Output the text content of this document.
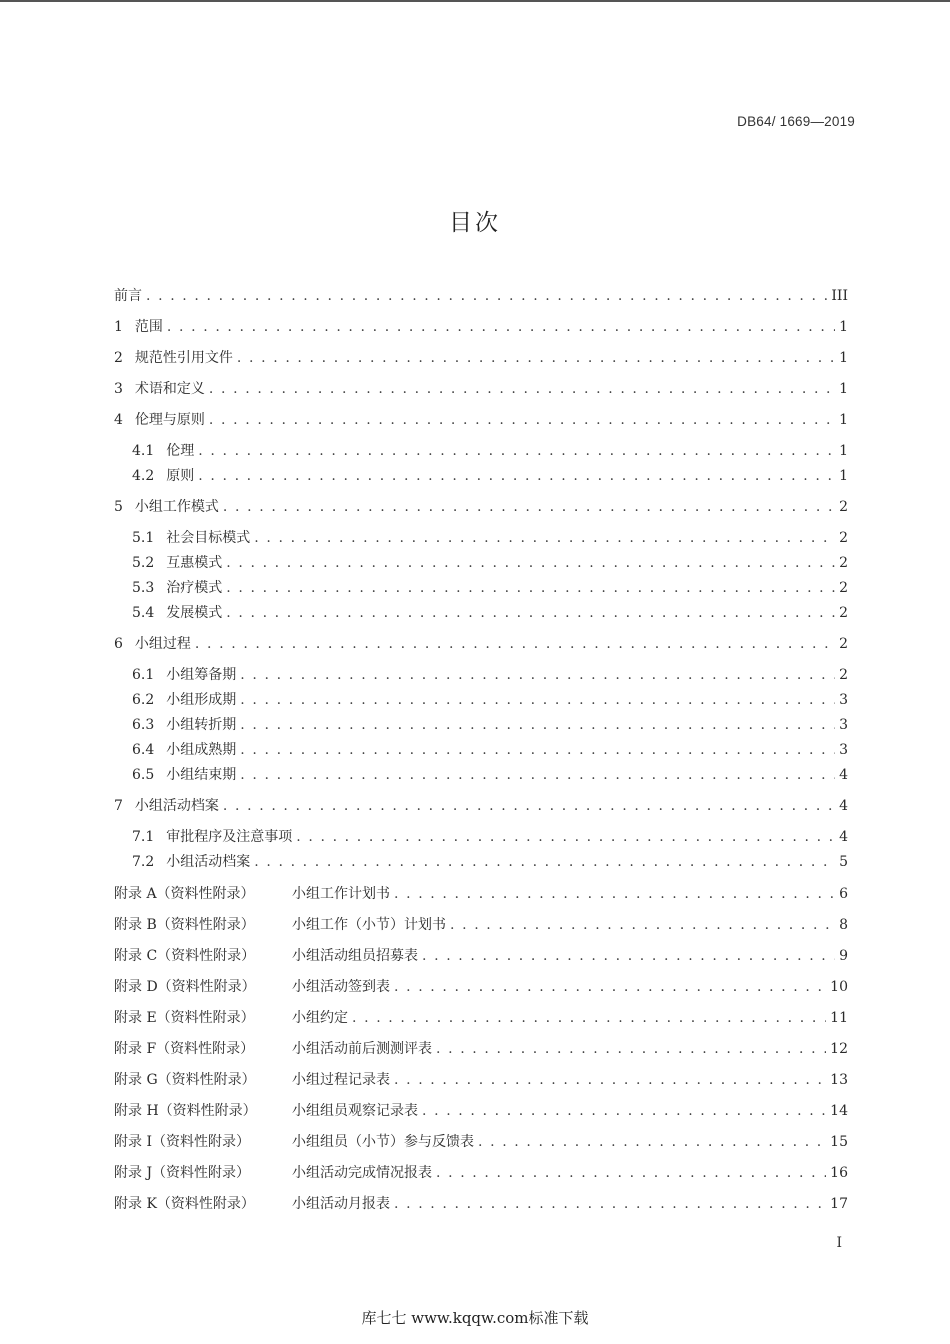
DB64/ 1669—2019
目次
前言 . . .	III
1 范围 . . .	1
2 规范性引用文件 . . .	1
3 术语和定义 . . .	1
4 伦理与原则 . . .	1
4.1 伦理 . . .	1
4.2 原则 . . .	1
5 小组工作模式 . . .	2
5.1 社会目标模式 . . .	2
5.2 互惠模式 . . .	2
5.3 治疗模式 . . .	2
5.4 发展模式 . . .	2
6 小组过程 . . .	2
6.1 小组筹备期 . . .	2
6.2 小组形成期 . . .	3
6.3 小组转折期 . . .	3
6.4 小组成熟期 . . .	3
6.5 小组结束期 . . .	4
7 小组活动档案 . . .	4
7.1 审批程序及注意事项 . . .	4
7.2 小组活动档案 . . .	5
附录 A（资料性附录）	小组工作计划书 . . .	6
附录 B（资料性附录）	小组工作（小节）计划书 . . .	8
附录 C（资料性附录）	小组活动组员招募表 . . .	9
附录 D（资料性附录）	小组活动签到表 . . .	10
附录 E（资料性附录）	小组约定 . . .	11
附录 F（资料性附录）	小组活动前后测测评表 . . .	12
附录 G（资料性附录）	小组过程记录表 . . .	13
附录 H（资料性附录）	小组组员观察记录表 . . .	14
附录 I（资料性附录）	小组组员（小节）参与反馈表 . . .	15
附录 J（资料性附录）	小组活动完成情况报表 . . .	16
附录 K（资料性附录）	小组活动月报表 . . .	17
I
库七七 www.kqqw.com标准下载
